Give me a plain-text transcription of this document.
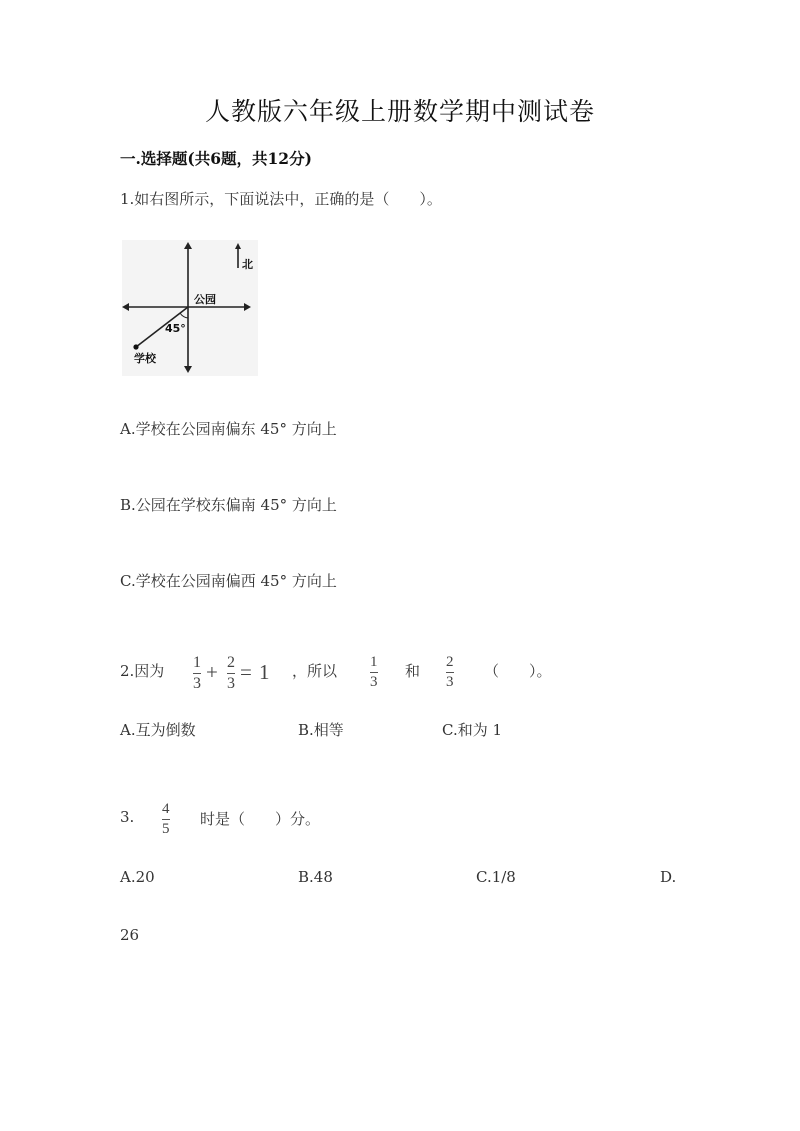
人教版六年级上册数学期中测试卷
一.选择题(共6题，共12分)
1.如右图所示，下面说法中，正确的是（　　）。
北
公园
45°
学校
A.学校在公园南偏东 45° 方向上
B.公园在学校东偏南 45° 方向上
C.学校在公园南偏西 45° 方向上
2.因为 1
3 + 2
3 = 1 ，所以 1
3
和 2
3
（　　）。
A.互为倒数	B.相等	C.和为 1
3. 4
5
时是（　　）分。
A.20	B.48	C.1/8	D.
26
